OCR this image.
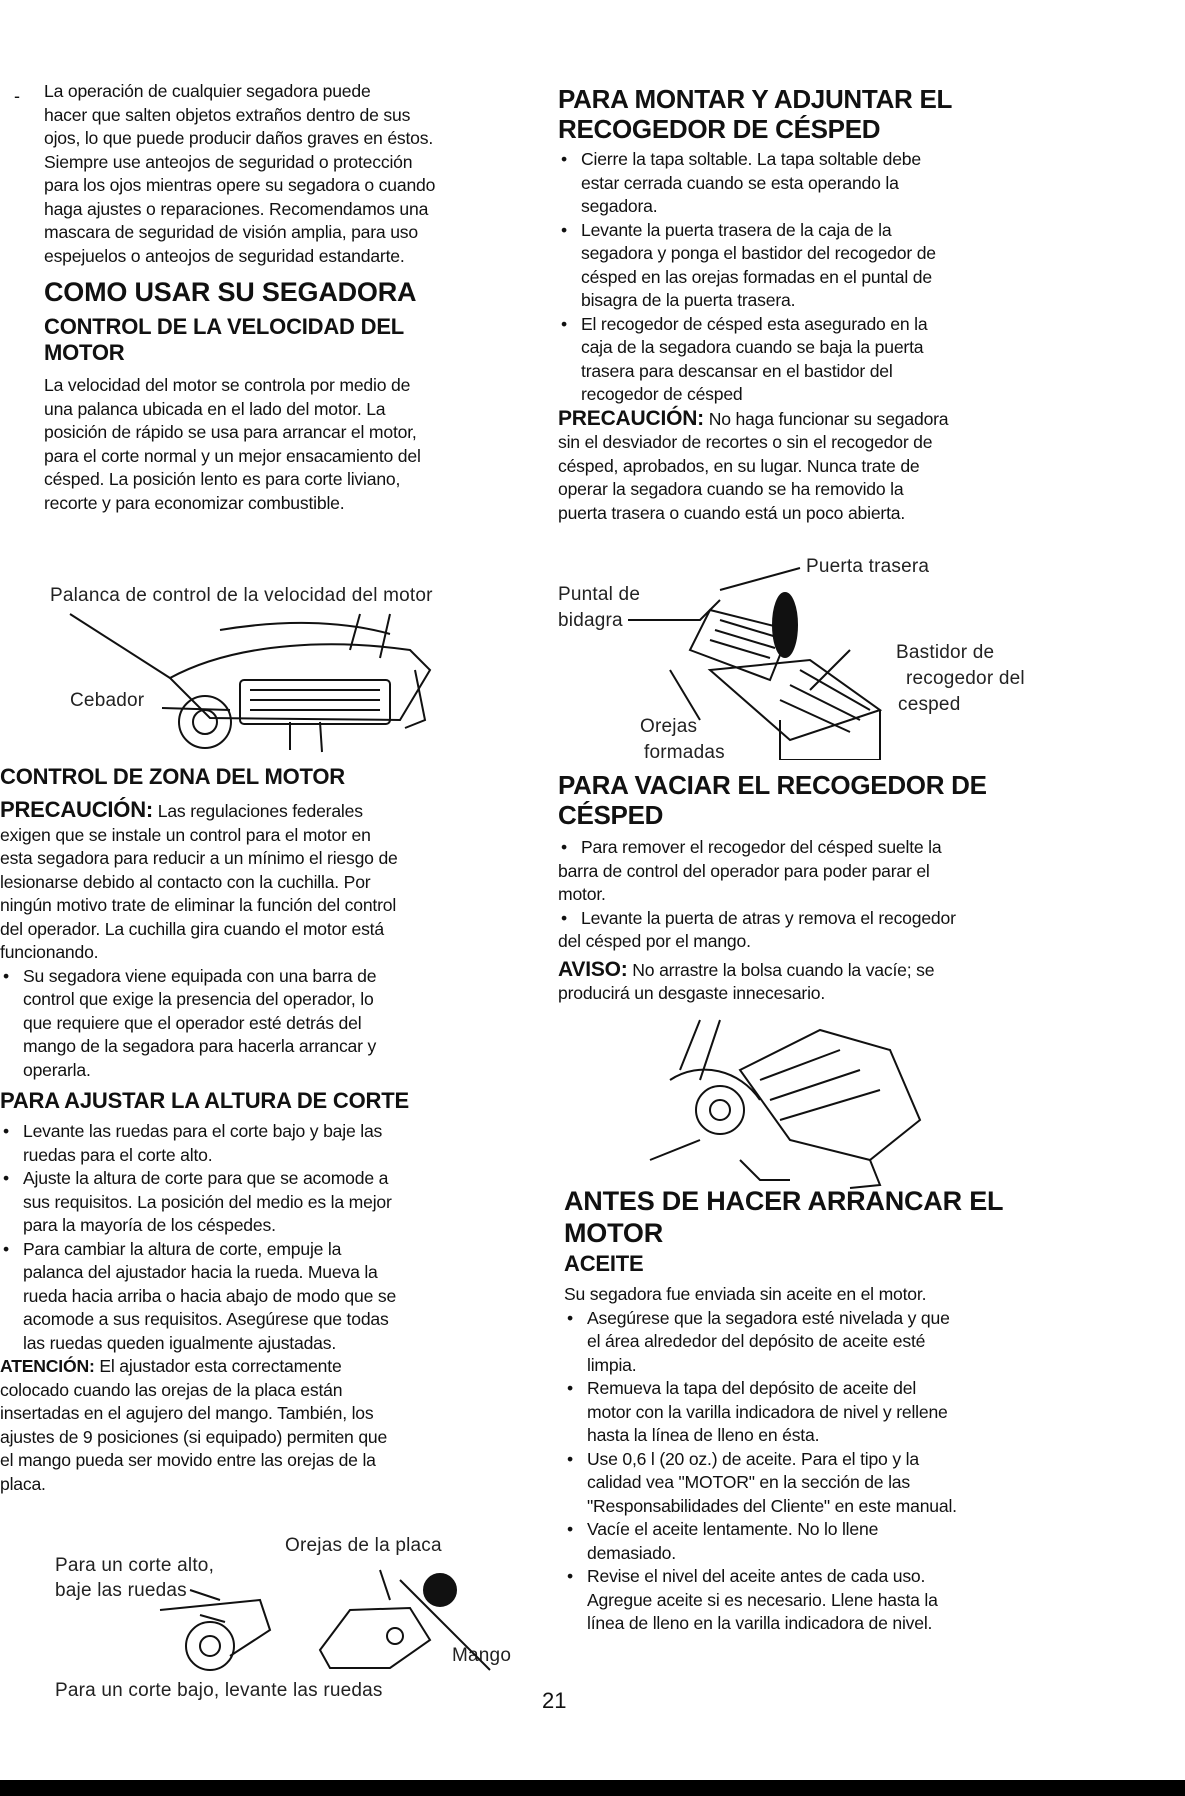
- La operación de cualquier segadora puede

hacer que salten objetos extraños dentro de sus

ojos, lo que puede producir daños graves en éstos.

Siempre use anteojos de seguridad o protección

para los ojos mientras opere su segadora o cuando

haga ajustes o reparaciones. Recomendamos una

mascara de seguridad de visión amplia, para uso

espejuelos o anteojos de seguridad estandarte.

COMO USAR SU SEGADORA
CONTROL DE LA VELOCIDAD DEL
MOTOR

La velocidad del motor se controla por medio de

una palanca ubicada en el lado del motor. La

posición de rápido se usa para arrancar el motor,

para el corte normal y un mejor ensacamiento del

césped. La posición lento es para corte liviano,

recorte y para economizar combustible.

Palanca de control de la velocidad del motor
Cebador
CONTROL DE ZONA DEL MOTOR

PRECAUCIÓN: Las regulaciones federales

exigen que se instale un control para el motor en

esta segadora para reducir a un mínimo el riesgo de

lesionarse debido al contacto con la cuchilla. Por

ningún motivo trate de eliminar la función del control

del operador. La cuchilla gira cuando el motor está

funcionando.

• Su segadora viene equipada con una barra de
control que exige la presencia del operador, lo
que requiere que el operador esté detrás del
mango de la segadora para hacerla arrancar y
operarla.
PARA AJUSTAR LA ALTURA DE CORTE
• Levante las ruedas para el corte bajo y baje las
ruedas para el corte alto.
• Ajuste la altura de corte para que se acomode a
sus requisitos. La posición del medio es la mejor
para la mayoría de los céspedes.
• Para cambiar la altura de corte, empuje la
palanca del ajustador hacia la rueda. Mueva la
rueda hacia arriba o hacia abajo de modo que se
acomode a sus requisitos. Asegúrese que todas
las ruedas queden igualmente ajustadas.

ATENCIÓN: El ajustador esta correctamente

colocado cuando las orejas de la placa están

insertadas en el agujero del mango. También, los

ajustes de 9 posiciones (si equipado) permiten que

el mango pueda ser movido entre las orejas de la

placa.

Para un corte alto,
baje las ruedas
Orejas de la placa
Mango
Para un corte bajo, levante las ruedas
PARA MONTAR Y ADJUNTAR EL
RECOGEDOR DE CÉSPED
• Cierre la tapa soltable. La tapa soltable debe
estar cerrada cuando se esta operando la
segadora.
• Levante la puerta trasera de la caja de la
segadora y ponga el bastidor del recogedor de
césped en las orejas formadas en el puntal de
bisagra de la puerta trasera.
• El recogedor de césped esta asegurado en la
caja de la segadora cuando se baja la puerta
trasera para descansar en el bastidor del
recogedor de césped

PRECAUCIÓN: No haga funcionar su segadora

sin el desviador de recortes o sin el recogedor de

césped, aprobados, en su lugar. Nunca trate de

operar la segadora cuando se ha removido la

puerta trasera o cuando está un poco abierta.

Puerta trasera
Puntal de
bidagra
Bastidor de
recogedor del
cesped
Orejas
formadas
PARA VACIAR EL RECOGEDOR DE
CÉSPED
• Para remover el recogedor del césped suelte la
barra de control del operador para poder parar el
motor.
• Levante la puerta de atras y remova el recogedor
del césped por el mango.

AVISO: No arrastre la bolsa cuando la vacíe; se

producirá un desgaste innecesario.

ANTES DE HACER ARRANCAR EL
MOTOR
ACEITE

Su segadora fue enviada sin aceite en el motor.

• Asegúrese que la segadora esté nivelada y que
el área alrededor del depósito de aceite esté
limpia.
• Remueva la tapa del depósito de aceite del
motor con la varilla indicadora de nivel y rellene
hasta la línea de lleno en ésta.
• Use 0,6 l (20 oz.) de aceite. Para el tipo y la
calidad vea "MOTOR" en la sección de las
"Responsabilidades del Cliente" en este manual.
• Vacíe el aceite lentamente. No lo llene
demasiado.
• Revise el nivel del aceite antes de cada uso.
Agregue aceite si es necesario. Llene hasta la
línea de lleno en la varilla indicadora de nivel.
21
